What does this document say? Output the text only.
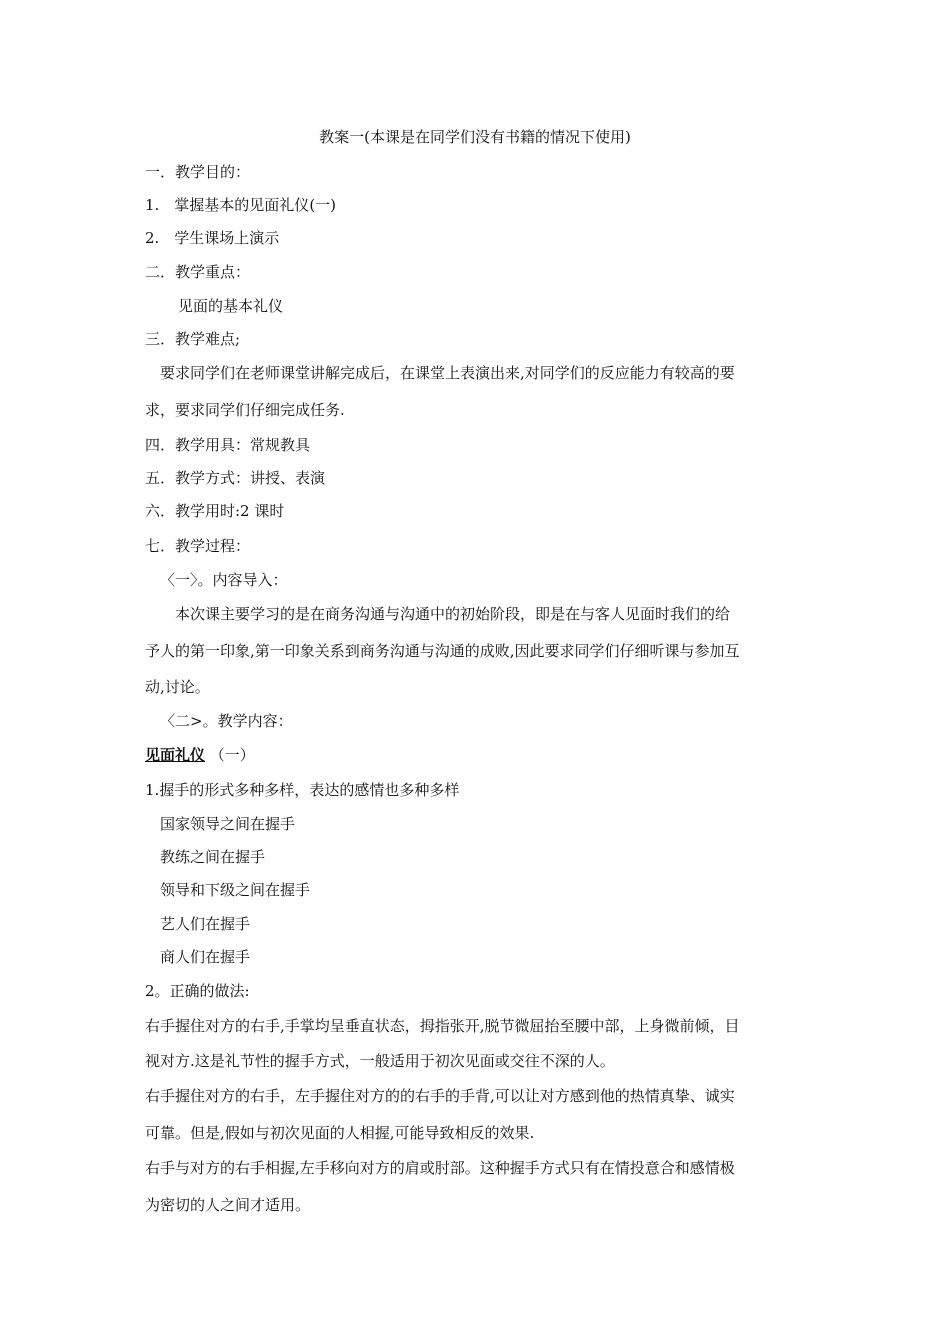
教案一(本课是在同学们没有书籍的情况下使用)
一．教学目的：
1.　掌握基本的见面礼仪(一)
2.　学生课场上演示
二．教学重点：
见面的基本礼仪
三．教学难点;
要求同学们在老师课堂讲解完成后，在课堂上表演出来,对同学们的反应能力有较高的要
求，要求同学们仔细完成任务.
四．教学用具：常规教具
五．教学方式：讲授、表演
六．教学用时:2 课时
七．教学过程：
〈一〉。内容导入：
本次课主要学习的是在商务沟通与沟通中的初始阶段，即是在与客人见面时我们的给
予人的第一印象,第一印象关系到商务沟通与沟通的成败,因此要求同学们仔细听课与参加互
动,讨论。
〈二>。教学内容：
见面礼仪 （一）
1.握手的形式多种多样，表达的感情也多种多样
国家领导之间在握手
教练之间在握手
领导和下级之间在握手
艺人们在握手
商人们在握手
2。正确的做法:
右手握住对方的右手,手掌均呈垂直状态，拇指张开,脱节微屈抬至腰中部，上身微前倾，目
视对方.这是礼节性的握手方式，一般适用于初次见面或交往不深的人。
右手握住对方的右手，左手握住对方的的右手的手背,可以让对方感到他的热情真挚、诚实
可靠。但是,假如与初次见面的人相握,可能导致相反的效果.
右手与对方的右手相握,左手移向对方的肩或肘部。这种握手方式只有在情投意合和感情极
为密切的人之间才适用。
